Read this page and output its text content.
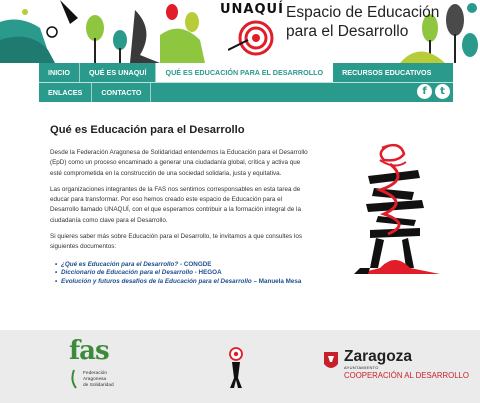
UNAQUÍ Espacio de Educación
para el Desarrollo
INICIO	QUÉ ES UNAQUÍ	QUÉ ES EDUCACIÓN PARA EL DESARROLLO	RECURSOS EDUCATIVOS
ENLACES	CONTACTO	f	t
Qué es Educación para el Desarrollo

Desde la Federación Aragonesa de Solidaridad entendemos la Educación para el Desarrollo (EpD) como un proceso encaminado a generar una ciudadanía global, crítica y activa que esté comprometida en la construcción de una sociedad solidaria, justa y equitativa.

Las organizaciones integrantes de la FAS nos sentimos corresponsables en esta tarea de educar para transformar. Por eso hemos creado este espacio de Educación para el Desarrollo llamado UNAQUÍ, con el que esperamos contribuir a la formación integral de la ciudadanía como clave para el Desarrollo.

Si quieres saber más sobre Educación para el Desarrollo, te invitamos a que consultes los siguientes documentos:

• ¿Qué es Educación para el Desarrollo? - CONGDE
• Diccionario de Educación para el Desarrollo - HEGOA
• Evolución y futuros desafíos de la Educación para el Desarrollo – Manuela Mesa
fas
Federación
Aragonesa
de Solidaridad
Zaragoza
AYUNTAMIENTO
COOPERACIÓN AL DESARROLLO
